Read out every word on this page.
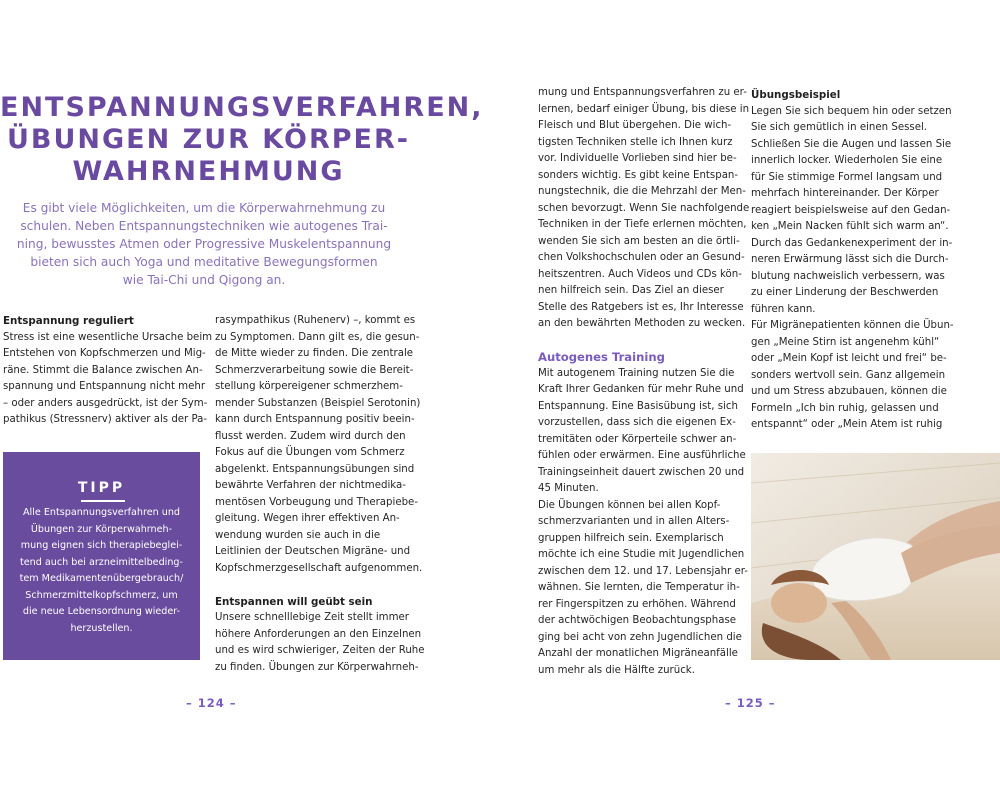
ENTSPANNUNGSVERFAHREN,
ÜBUNGEN ZUR KÖRPER-
WAHRNEHMUNG

Es gibt viele Möglichkeiten, um die Körperwahrnehmung zu
schulen. Neben Entspannungstechniken wie autogenes Trai-
ning, bewusstes Atmen oder Progressive Muskelentspannung
bieten sich auch Yoga und meditative Bewegungsformen
wie Tai-Chi und Qigong an.

Entspannung reguliert
Stress ist eine wesentliche Ursache beim
Entstehen von Kopfschmerzen und Mig-
räne. Stimmt die Balance zwischen An-
spannung und Entspannung nicht mehr
– oder anders ausgedrückt, ist der Sym-
pathikus (Stressnerv) aktiver als der Pa-
TIPP
Alle Entspannungsverfahren und
Übungen zur Körperwahrneh-
mung eignen sich therapiebeglei-
tend auch bei arzneimittelbeding-
tem Medikamentenübergebrauch/
Schmerzmittelkopfschmerz, um
die neue Lebensordnung wieder-
herzustellen.
rasympathikus (Ruhenerv) –, kommt es
zu Symptomen. Dann gilt es, die gesun-
de Mitte wieder zu finden. Die zentrale
Schmerzverarbeitung sowie die Bereit-
stellung körpereigener schmerzhem-
mender Substanzen (Beispiel Serotonin)
kann durch Entspannung positiv beein-
flusst werden. Zudem wird durch den
Fokus auf die Übungen vom Schmerz
abgelenkt. Entspannungsübungen sind
bewährte Verfahren der nichtmedika-
mentösen Vorbeugung und Therapiebe-
gleitung. Wegen ihrer effektiven An-
wendung wurden sie auch in die
Leitlinien der Deutschen Migräne- und
Kopfschmerzgesellschaft aufgenommen.
Entspannen will geübt sein
Unsere schnelllebige Zeit stellt immer
höhere Anforderungen an den Einzelnen
und es wird schwieriger, Zeiten der Ruhe
zu finden. Übungen zur Körperwahrneh-
– 124 –
mung und Entspannungsverfahren zu er-
lernen, bedarf einiger Übung, bis diese in
Fleisch und Blut übergehen. Die wich-
tigsten Techniken stelle ich Ihnen kurz
vor. Individuelle Vorlieben sind hier be-
sonders wichtig. Es gibt keine Entspan-
nungstechnik, die die Mehrzahl der Men-
schen bevorzugt. Wenn Sie nachfolgende
Techniken in der Tiefe erlernen möchten,
wenden Sie sich am besten an die örtli-
chen Volkshochschulen oder an Gesund-
heitszentren. Auch Videos und CDs kön-
nen hilfreich sein. Das Ziel an dieser
Stelle des Ratgebers ist es, Ihr Interesse
an den bewährten Methoden zu wecken.
Autogenes Training
Mit autogenem Training nutzen Sie die
Kraft Ihrer Gedanken für mehr Ruhe und
Entspannung. Eine Basisübung ist, sich
vorzustellen, dass sich die eigenen Ex-
tremitäten oder Körperteile schwer an-
fühlen oder erwärmen. Eine ausführliche
Trainingseinheit dauert zwischen 20 und
45 Minuten.
Die Übungen können bei allen Kopf-
schmerzvarianten und in allen Alters-
gruppen hilfreich sein. Exemplarisch
möchte ich eine Studie mit Jugendlichen
zwischen dem 12. und 17. Lebensjahr er-
wähnen. Sie lernten, die Temperatur ih-
rer Fingerspitzen zu erhöhen. Während
der achtwöchigen Beobachtungsphase
ging bei acht von zehn Jugendlichen die
Anzahl der monatlichen Migräneanfälle
um mehr als die Hälfte zurück.
Übungsbeispiel
Legen Sie sich bequem hin oder setzen
Sie sich gemütlich in einen Sessel.
Schließen Sie die Augen und lassen Sie
innerlich locker. Wiederholen Sie eine
für Sie stimmige Formel langsam und
mehrfach hintereinander. Der Körper
reagiert beispielsweise auf den Gedan-
ken „Mein Nacken fühlt sich warm an“.
Durch das Gedankenexperiment der in-
neren Erwärmung lässt sich die Durch-
blutung nachweislich verbessern, was
zu einer Linderung der Beschwerden
führen kann.
Für Migränepatienten können die Übun-
gen „Meine Stirn ist angenehm kühl“
oder „Mein Kopf ist leicht und frei“ be-
sonders wertvoll sein. Ganz allgemein
und um Stress abzubauen, können die
Formeln „Ich bin ruhig, gelassen und
entspannt“ oder „Mein Atem ist ruhig
– 125 –
